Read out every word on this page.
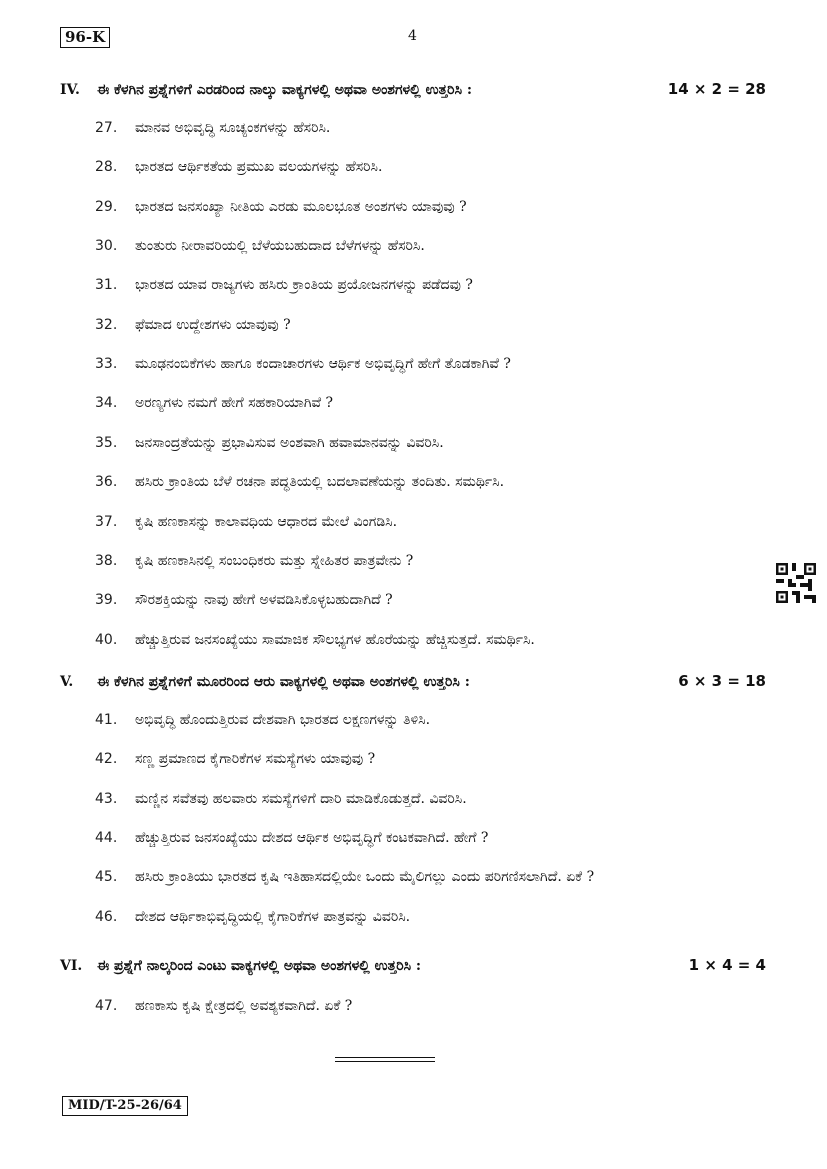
96-K	4
IV.	ಈ ಕೆಳಗಿನ ಪ್ರಶ್ನೆಗಳಿಗೆ ಎರಡರಿಂದ ನಾಲ್ಕು ವಾಕ್ಯಗಳಲ್ಲಿ ಅಥವಾ ಅಂಶಗಳಲ್ಲಿ ಉತ್ತರಿಸಿ :	14 × 2 = 28
27.	ಮಾನವ ಅಭಿವೃದ್ಧಿ ಸೂಚ್ಯಂಕಗಳನ್ನು ಹೆಸರಿಸಿ.
28.	ಭಾರತದ ಆರ್ಥಿಕತೆಯ ಪ್ರಮುಖ ವಲಯಗಳನ್ನು ಹೆಸರಿಸಿ.
29.	ಭಾರತದ ಜನಸಂಖ್ಯಾ ನೀತಿಯ ಎರಡು ಮೂಲಭೂತ ಅಂಶಗಳು ಯಾವುವು ?
30.	ತುಂತುರು ನೀರಾವರಿಯಲ್ಲಿ ಬೆಳೆಯಬಹುದಾದ ಬೆಳೆಗಳನ್ನು ಹೆಸರಿಸಿ.
31.	ಭಾರತದ ಯಾವ ರಾಜ್ಯಗಳು ಹಸಿರು ಕ್ರಾಂತಿಯ ಪ್ರಯೋಜನಗಳನ್ನು ಪಡೆದವು ?
32.	ಫೆಮಾದ ಉದ್ದೇಶಗಳು ಯಾವುವು ?
33.	ಮೂಢನಂಬಿಕೆಗಳು ಹಾಗೂ ಕಂದಾಚಾರಗಳು ಆರ್ಥಿಕ ಅಭಿವೃದ್ಧಿಗೆ ಹೇಗೆ ತೊಡಕಾಗಿವೆ ?
34.	ಅರಣ್ಯಗಳು ನಮಗೆ ಹೇಗೆ ಸಹಕಾರಿಯಾಗಿವೆ ?
35.	ಜನಸಾಂದ್ರತೆಯನ್ನು ಪ್ರಭಾವಿಸುವ ಅಂಶವಾಗಿ ಹವಾಮಾನವನ್ನು ವಿವರಿಸಿ.
36.	ಹಸಿರು ಕ್ರಾಂತಿಯ ಬೆಳೆ ರಚನಾ ಪದ್ಧತಿಯಲ್ಲಿ ಬದಲಾವಣೆಯನ್ನು ತಂದಿತು. ಸಮರ್ಥಿಸಿ.
37.	ಕೃಷಿ ಹಣಕಾಸನ್ನು ಕಾಲಾವಧಿಯ ಆಧಾರದ ಮೇಲೆ ವಿಂಗಡಿಸಿ.
38.	ಕೃಷಿ ಹಣಕಾಸಿನಲ್ಲಿ ಸಂಬಂಧಿಕರು ಮತ್ತು ಸ್ನೇಹಿತರ ಪಾತ್ರವೇನು ?
39.	ಸೌರಶಕ್ತಿಯನ್ನು ನಾವು ಹೇಗೆ ಅಳವಡಿಸಿಕೊಳ್ಳಬಹುದಾಗಿದೆ ?
40.	ಹೆಚ್ಚುತ್ತಿರುವ ಜನಸಂಖ್ಯೆಯು ಸಾಮಾಜಿಕ ಸೌಲಭ್ಯಗಳ ಹೊರೆಯನ್ನು ಹೆಚ್ಚಿಸುತ್ತದೆ. ಸಮರ್ಥಿಸಿ.
V.	ಈ ಕೆಳಗಿನ ಪ್ರಶ್ನೆಗಳಿಗೆ ಮೂರರಿಂದ ಆರು ವಾಕ್ಯಗಳಲ್ಲಿ ಅಥವಾ ಅಂಶಗಳಲ್ಲಿ ಉತ್ತರಿಸಿ :	6 × 3 = 18
41.	ಅಭಿವೃದ್ಧಿ ಹೊಂದುತ್ತಿರುವ ದೇಶವಾಗಿ ಭಾರತದ ಲಕ್ಷಣಗಳನ್ನು ತಿಳಿಸಿ.
42.	ಸಣ್ಣ ಪ್ರಮಾಣದ ಕೈಗಾರಿಕೆಗಳ ಸಮಸ್ಯೆಗಳು ಯಾವುವು ?
43.	ಮಣ್ಣಿನ ಸವೆತವು ಹಲವಾರು ಸಮಸ್ಯೆಗಳಿಗೆ ದಾರಿ ಮಾಡಿಕೊಡುತ್ತದೆ. ವಿವರಿಸಿ.
44.	ಹೆಚ್ಚುತ್ತಿರುವ ಜನಸಂಖ್ಯೆಯು ದೇಶದ ಆರ್ಥಿಕ ಅಭಿವೃದ್ಧಿಗೆ ಕಂಟಕವಾಗಿದೆ. ಹೇಗೆ ?
45.	ಹಸಿರು ಕ್ರಾಂತಿಯು ಭಾರತದ ಕೃಷಿ ಇತಿಹಾಸದಲ್ಲಿಯೇ ಒಂದು ಮೈಲಿಗಲ್ಲು ಎಂದು ಪರಿಗಣಿಸಲಾಗಿದೆ. ಏಕೆ ?
46.	ದೇಶದ ಆರ್ಥಿಕಾಭಿವೃದ್ಧಿಯಲ್ಲಿ ಕೈಗಾರಿಕೆಗಳ ಪಾತ್ರವನ್ನು ವಿವರಿಸಿ.
VI.	ಈ ಪ್ರಶ್ನೆಗೆ ನಾಲ್ಕರಿಂದ ಎಂಟು ವಾಕ್ಯಗಳಲ್ಲಿ ಅಥವಾ ಅಂಶಗಳಲ್ಲಿ ಉತ್ತರಿಸಿ :	1 × 4 = 4
47.	ಹಣಕಾಸು ಕೃಷಿ ಕ್ಷೇತ್ರದಲ್ಲಿ ಅವಶ್ಯಕವಾಗಿದೆ. ಏಕೆ ?
MID/T-25-26/64
